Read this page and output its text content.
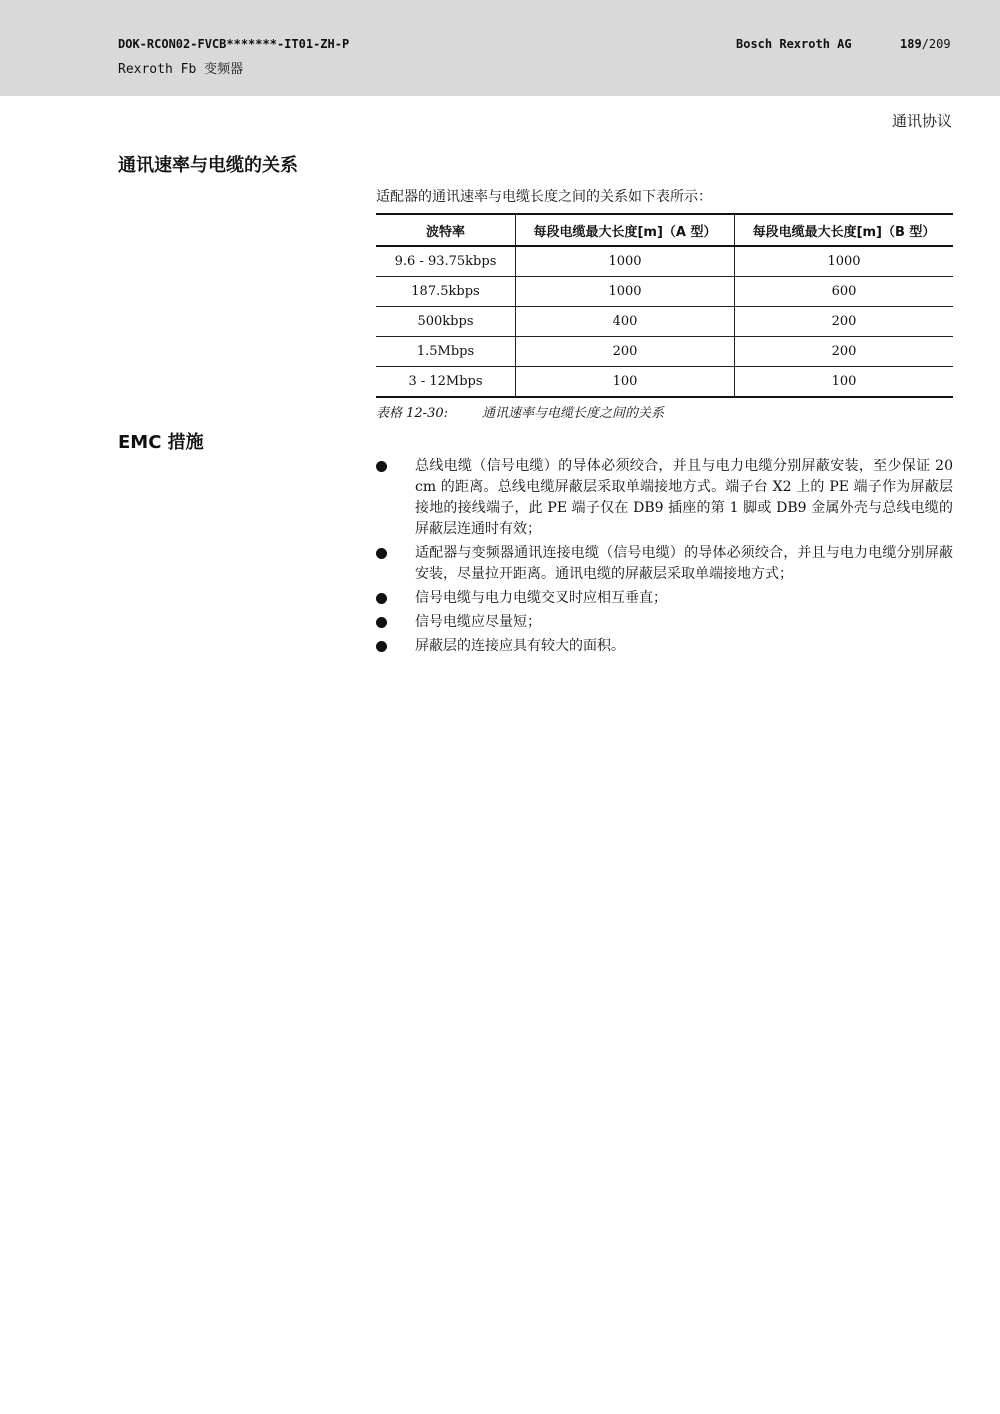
DOK-RCON02-FVCB*******-IT01-ZH-P
Rexroth Fb 变频器
Bosch Rexroth AG	189/209
通讯协议
通讯速率与电缆的关系
适配器的通讯速率与电缆长度之间的关系如下表所示：
波特率	每段电缆最大长度[m]（A 型）	每段电缆最大长度[m]（B 型）
9.6 - 93.75kbps	1000	1000
187.5kbps	1000	600
500kbps	400	200
1.5Mbps	200	200
3 - 12Mbps	100	100
表格 12-30:	通讯速率与电缆长度之间的关系
EMC 措施
总线电缆（信号电缆）的导体必须绞合，并且与电力电缆分别屏蔽安装，至少保证 20 cm 的距离。总线电缆屏蔽层采取单端接地方式。端子台 X2 上的 PE 端子作为屏蔽层接地的接线端子，此 PE 端子仅在 DB9 插座的第 1 脚或 DB9 金属外壳与总线电缆的屏蔽层连通时有效；
适配器与变频器通讯连接电缆（信号电缆）的导体必须绞合，并且与电力电缆分别屏蔽安装，尽量拉开距离。通讯电缆的屏蔽层采取单端接地方式；
信号电缆与电力电缆交叉时应相互垂直；
信号电缆应尽量短；
屏蔽层的连接应具有较大的面积。
